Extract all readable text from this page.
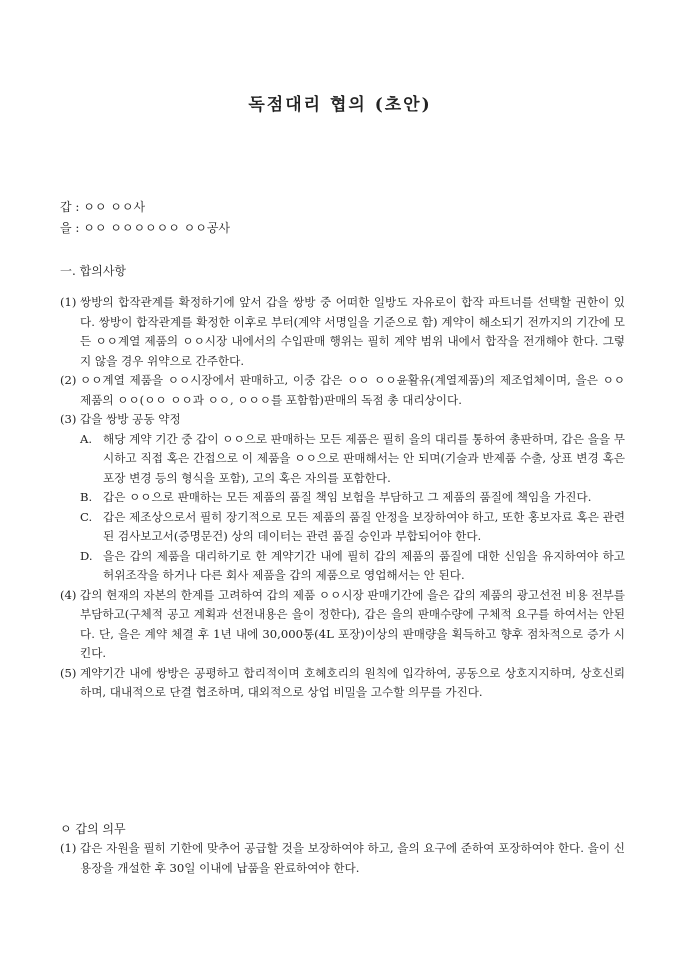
독점대리 협의 (초안)
갑 : ㅇㅇ ㅇㅇ사
을 : ㅇㅇ ㅇㅇㅇㅇㅇㅇ ㅇㅇ공사
一. 합의사항
(1) 쌍방의 합작관계를 확정하기에 앞서 갑을 쌍방 중 어떠한 일방도 자유로이 합작 파트너를 선택할 권한이 있다. 쌍방이 합작관계를 확정한 이후로 부터(계약 서명일을 기준으로 함) 계약이 해소되기 전까지의 기간에 모든 ㅇㅇ계열 제품의 ㅇㅇ시장 내에서의 수입판매 행위는 필히 계약 범위 내에서 합작을 전개해야 한다. 그렇지 않을 경우 위약으로 간주한다.
(2) ㅇㅇ계열 제품을 ㅇㅇ시장에서 판매하고, 이중 갑은 ㅇㅇ ㅇㅇ윤활유(계열제품)의 제조업체이며, 을은 ㅇㅇ제품의 ㅇㅇ(ㅇㅇ ㅇㅇ과 ㅇㅇ, ㅇㅇㅇ를 포함함)판매의 독점 총 대리상이다.
(3) 갑을 쌍방 공동 약정
A. 해당 계약 기간 중 갑이 ㅇㅇ으로 판매하는 모든 제품은 필히 을의 대리를 통하여 총판하며, 갑은 을을 무시하고 직접 혹은 간접으로 이 제품을 ㅇㅇ으로 판매해서는 안 되며(기술과 반제품 수출, 상표 변경 혹은 포장 변경 등의 형식을 포함), 고의 혹은 자의를 포함한다.
B. 갑은 ㅇㅇ으로 판매하는 모든 제품의 품질 책임 보험을 부담하고 그 제품의 품질에 책임을 가진다.
C. 갑은 제조상으로서 필히 장기적으로 모든 제품의 품질 안정을 보장하여야 하고, 또한 홍보자료 혹은 관련된 검사보고서(증명문건) 상의 데이터는 관련 품질 승인과 부합되어야 한다.
D. 을은 갑의 제품을 대리하기로 한 계약기간 내에 필히 갑의 제품의 품질에 대한 신임을 유지하여야 하고 허위조작을 하거나 다른 회사 제품을 갑의 제품으로 영업해서는 안 된다.
(4) 갑의 현재의 자본의 한계를 고려하여 갑의 제품 ㅇㅇ시장 판매기간에 을은 갑의 제품의 광고선전 비용 전부를 부담하고(구체적 공고 계획과 선전내용은 을이 정한다), 갑은 을의 판매수량에 구체적 요구를 하여서는 안된다. 단, 을은 계약 체결 후 1년 내에 30,000통(4L 포장)이상의 판매량을 획득하고 향후 점차적으로 증가 시킨다.
(5) 계약기간 내에 쌍방은 공평하고 합리적이며 호혜호리의 원칙에 입각하여, 공동으로 상호지지하며, 상호신뢰하며, 대내적으로 단결 협조하며, 대외적으로 상업 비밀을 고수할 의무를 가진다.
ㅇ 갑의 의무
(1) 갑은 자원을 필히 기한에 맞추어 공급할 것을 보장하여야 하고, 을의 요구에 준하여 포장하여야 한다. 을이 신용장을 개설한 후 30일 이내에 납품을 완료하여야 한다.
